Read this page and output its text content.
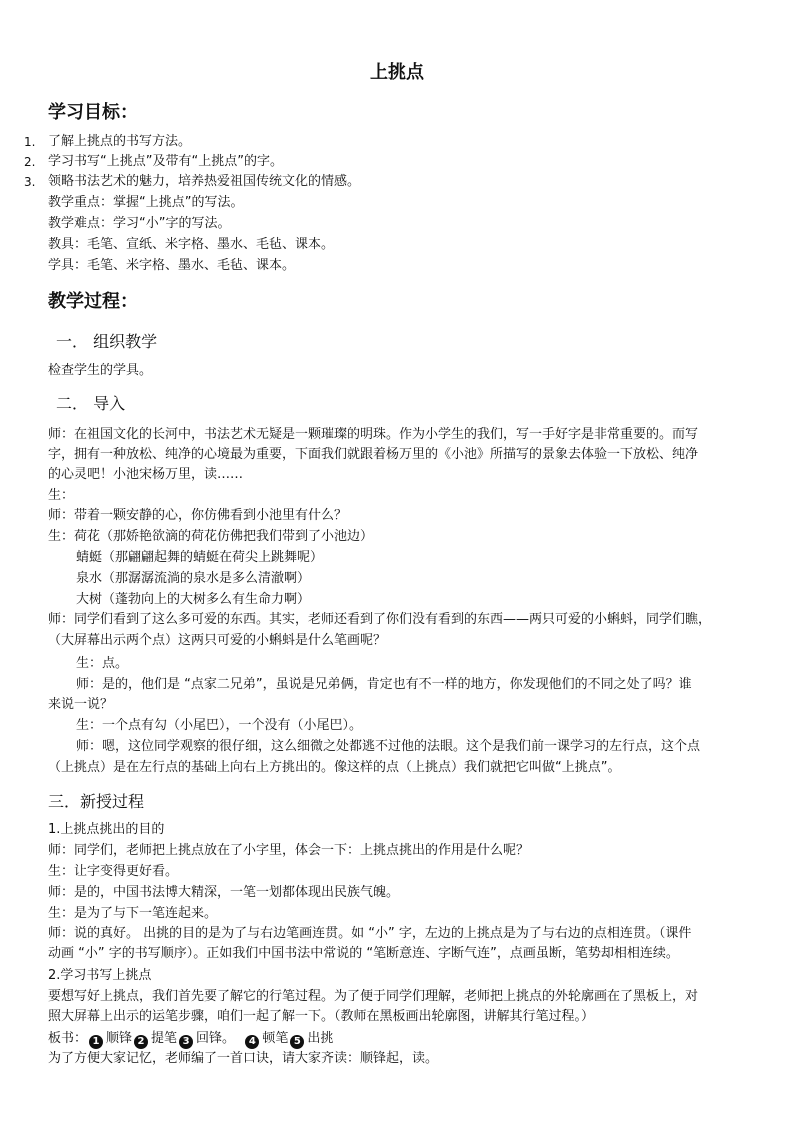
上挑点
学习目标：
1. 了解上挑点的书写方法。
2. 学习书写“上挑点”及带有“上挑点”的字。
3. 领略书法艺术的魅力，培养热爱祖国传统文化的情感。
教学重点：掌握“上挑点”的写法。
教学难点：学习“小”字的写法。
教具：毛笔、宣纸、米字格、墨水、毛毡、课本。
学具：毛笔、米字格、墨水、毛毡、课本。
教学过程：
一． 组织教学
检查学生的学具。
二． 导入
师：在祖国文化的长河中，书法艺术无疑是一颗璀璨的明珠。作为小学生的我们，写一手好字是非常重要的。而写
字，拥有一种放松、纯净的心境最为重要，下面我们就跟着杨万里的《小池》所描写的景象去体验一下放松、纯净
的心灵吧！小池宋杨万里，读……
生：
师：带着一颗安静的心，你仿佛看到小池里有什么？
生：荷花（那娇艳欲滴的荷花仿佛把我们带到了小池边）
蜻蜓（那翩翩起舞的蜻蜓在荷尖上跳舞呢）
泉水（那潺潺流淌的泉水是多么清澈啊）
大树（蓬勃向上的大树多么有生命力啊）
师：同学们看到了这么多可爱的东西。其实，老师还看到了你们没有看到的东西——两只可爱的小蝌蚪，同学们瞧，
（大屏幕出示两个点）这两只可爱的小蝌蚪是什么笔画呢？
生：点。
师：是的，他们是 “点家二兄弟”，虽说是兄弟俩，肯定也有不一样的地方，你发现他们的不同之处了吗？谁
来说一说？
生：一个点有勾（小尾巴），一个没有（小尾巴）。
师：嗯，这位同学观察的很仔细，这么细微之处都逃不过他的法眼。这个是我们前一课学习的左行点，这个点
（上挑点）是在左行点的基础上向右上方挑出的。像这样的点（上挑点）我们就把它叫做“上挑点”。
三．新授过程
1.上挑点挑出的目的
师：同学们，老师把上挑点放在了小字里，体会一下：上挑点挑出的作用是什么呢？
生：让字变得更好看。
师：是的，中国书法博大精深，一笔一划都体现出民族气魄。
生：是为了与下一笔连起来。
师：说的真好。 出挑的目的是为了与右边笔画连贯。如 “小” 字，左边的上挑点是为了与右边的点相连贯。（课件
动画 “小” 字的书写顺序）。正如我们中国书法中常说的 “笔断意连、字断气连”，点画虽断，笔势却相相连续。
2.学习书写上挑点
要想写好上挑点，我们首先要了解它的行笔过程。为了便于同学们理解，老师把上挑点的外轮廓画在了黑板上，对
照大屏幕上出示的运笔步骤，咱们一起了解一下。（教师在黑板画出轮廓图，讲解其行笔过程。）
板书： 1 顺锋 2 提笔 3 回锋。 4 顿笔 5 出挑
为了方便大家记忆，老师编了一首口诀，请大家齐读：顺锋起，读。
